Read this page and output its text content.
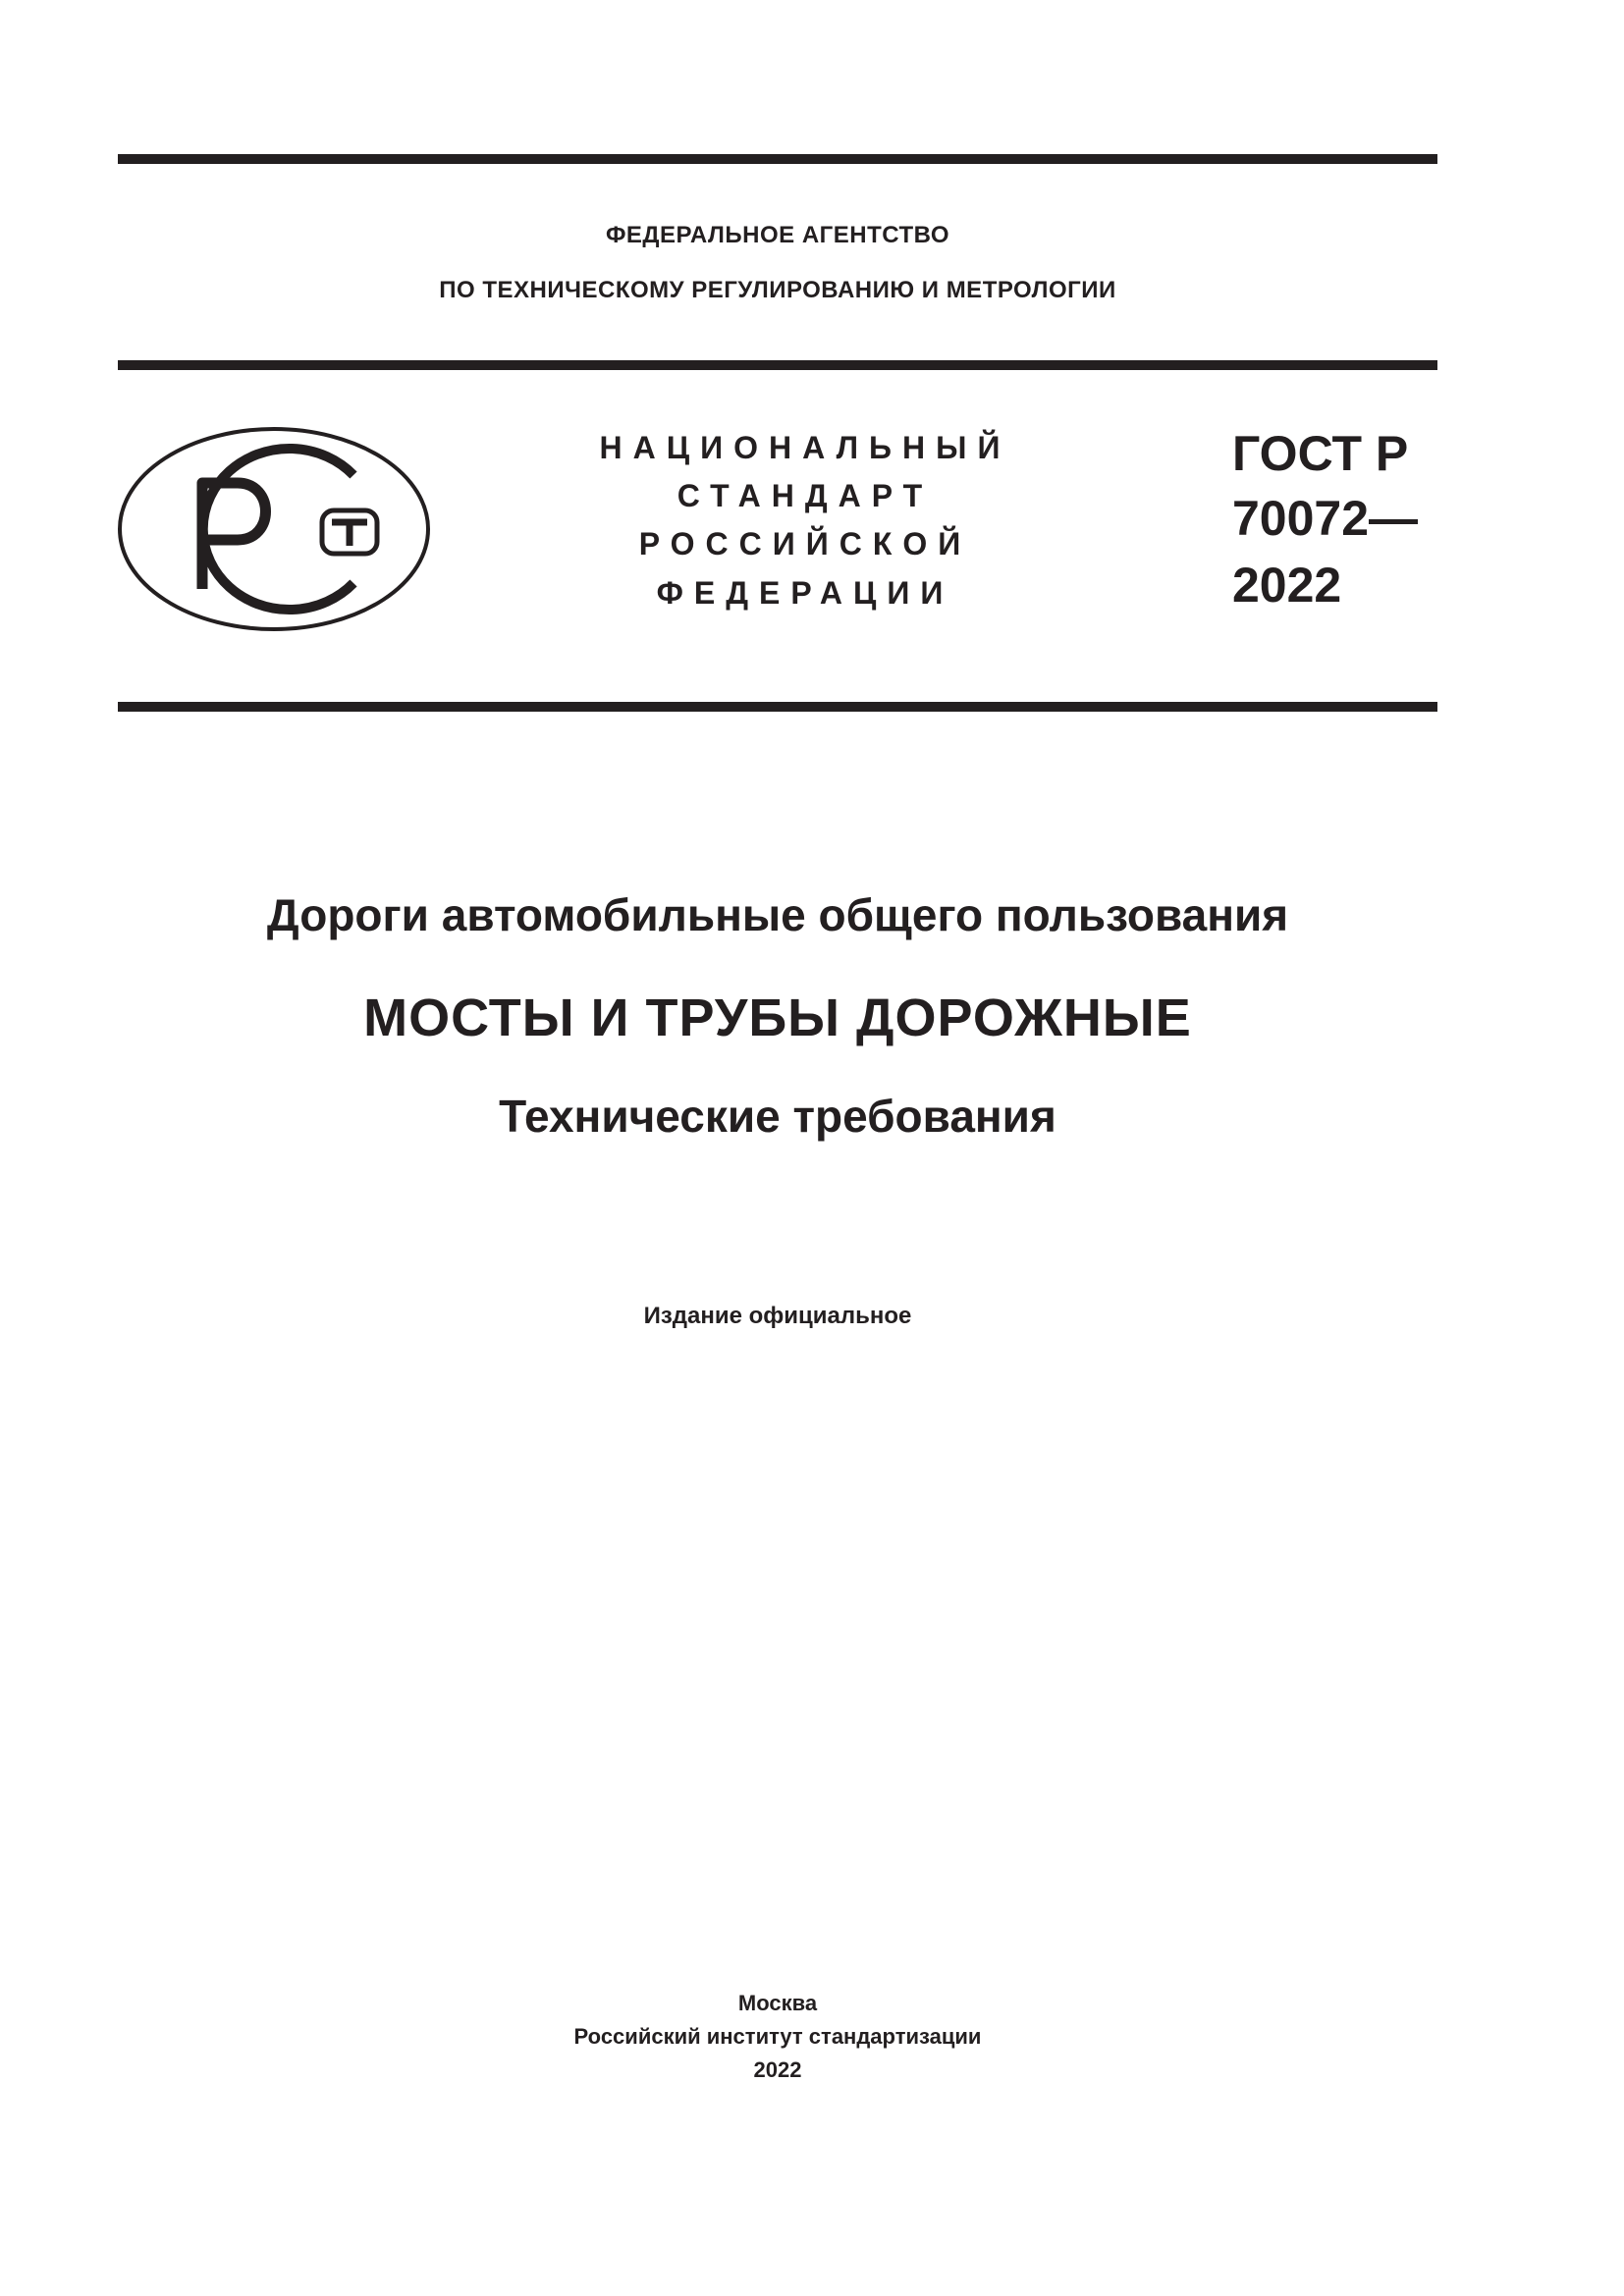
ФЕДЕРАЛЬНОЕ АГЕНТСТВО
ПО ТЕХНИЧЕСКОМУ РЕГУЛИРОВАНИЮ И МЕТРОЛОГИИ
НАЦИОНАЛЬНЫЙ
СТАНДАРТ
РОССИЙСКОЙ
ФЕДЕРАЦИИ
ГОСТ Р
70072—
2022
Дороги автомобильные общего пользования
МОСТЫ И ТРУБЫ ДОРОЖНЫЕ
Технические требования
Издание официальное
Москва
Российский институт стандартизации
2022
